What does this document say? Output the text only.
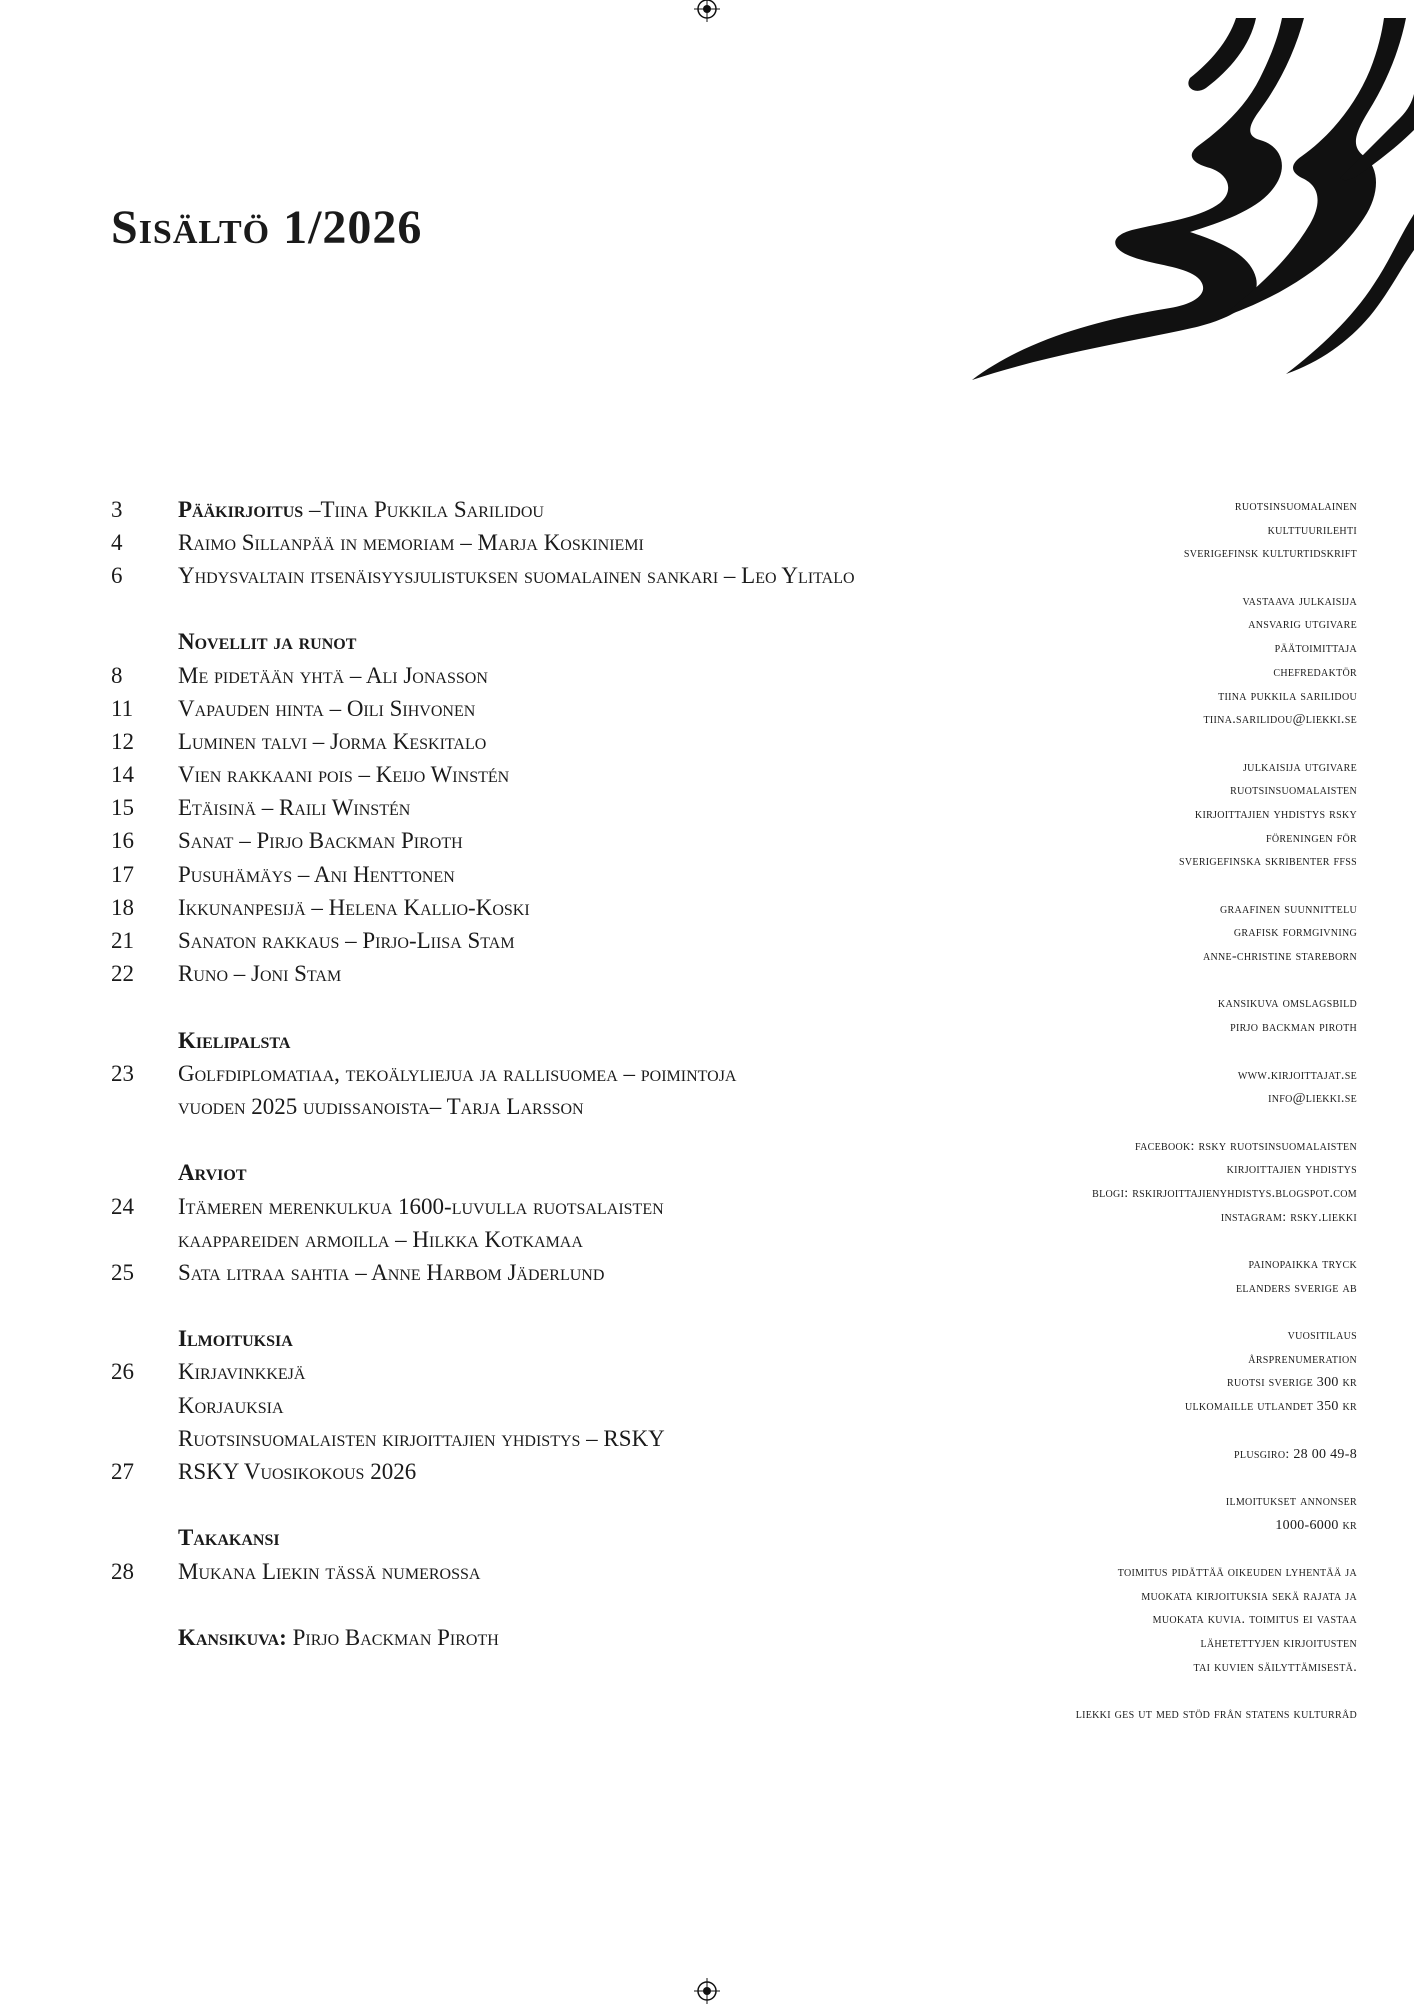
Sisältö 1/2026
3	Pääkirjoitus –Tiina Pukkila Sarilidou
4	Raimo Sillanpää in memoriam – Marja Koskiniemi
6	Yhdysvaltain itsenäisyysjulistuksen suomalainen sankari – Leo Ylitalo
Novellit ja runot
8	Me pidetään yhtä – Ali Jonasson
11	Vapauden hinta – Oili Sihvonen
12	Luminen talvi – Jorma Keskitalo
14	Vien rakkaani pois – Keijo Winstén
15	Etäisinä – Raili Winstén
16	Sanat – Pirjo Backman Piroth
17	Pusuhämäys – Ani Henttonen
18	Ikkunanpesijä – Helena Kallio-Koski
21	Sanaton rakkaus – Pirjo-Liisa Stam
22	Runo – Joni Stam
Kielipalsta
23	Golfdiplomatiaa, tekoälyliejua ja rallisuomea – poimintoja
vuoden 2025 uudissanoista– Tarja Larsson
Arviot
24	Itämeren merenkulkua 1600-luvulla ruotsalaisten
kaappareiden armoilla – Hilkka Kotkamaa
25	Sata litraa sahtia – Anne Harbom Jäderlund
Ilmoituksia
26	Kirjavinkkejä
Korjauksia
Ruotsinsuomalaisten kirjoittajien yhdistys – RSKY
27	RSKY Vuosikokous 2026
Takakansi
28	Mukana Liekin tässä numerossa
Kansikuva: Pirjo Backman Piroth
ruotsinsuomalainen
kulttuurilehti
sverigefinsk kulturtidskrift
vastaava julkaisija
ansvarig utgivare
päätoimittaja
chefredaktör
tiina pukkila sarilidou
tiina.sarilidou@liekki.se
julkaisija utgivare
ruotsinsuomalaisten
kirjoittajien yhdistys rsky
föreningen för
sverigefinska skribenter ffss
graafinen suunnittelu
grafisk formgivning
anne-christine stareborn
kansikuva omslagsbild
pirjo backman piroth
www.kirjoittajat.se
info@liekki.se
facebook: rsky ruotsinsuomalaisten
kirjoittajien yhdistys
blogi: rskirjoittajienyhdistys.blogspot.com
instagram: rsky.liekki
painopaikka tryck
elanders sverige ab
vuositilaus
årsprenumeration
ruotsi sverige 300 kr
ulkomaille utlandet 350 kr
plusgiro: 28 00 49-8
ilmoitukset annonser
1000-6000 kr
toimitus pidättää oikeuden lyhentää ja
muokata kirjoituksia sekä rajata ja
muokata kuvia. toimitus ei vastaa
lähetettyjen kirjoitusten
tai kuvien säilyttämisestä.
liekki ges ut med stöd från statens kulturråd
